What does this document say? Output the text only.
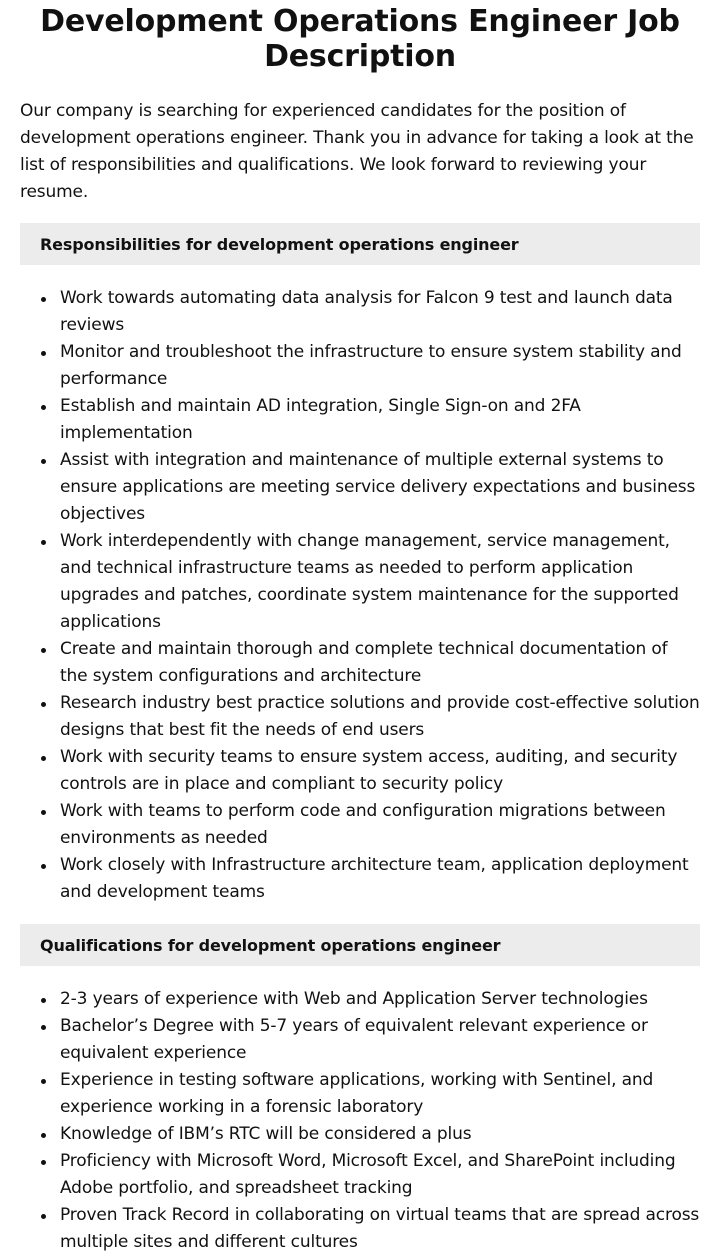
Development Operations Engineer Job Description

Our company is searching for experienced candidates for the position of development operations engineer. Thank you in advance for taking a look at the list of responsibilities and qualifications. We look forward to reviewing your resume.

Responsibilities for development operations engineer
Work towards automating data analysis for Falcon 9 test and launch data reviews
Monitor and troubleshoot the infrastructure to ensure system stability and performance
Establish and maintain AD integration, Single Sign-on and 2FA implementation
Assist with integration and maintenance of multiple external systems to ensure applications are meeting service delivery expectations and business objectives
Work interdependently with change management, service management, and technical infrastructure teams as needed to perform application upgrades and patches, coordinate system maintenance for the supported applications
Create and maintain thorough and complete technical documentation of the system configurations and architecture
Research industry best practice solutions and provide cost-effective solution designs that best fit the needs of end users
Work with security teams to ensure system access, auditing, and security controls are in place and compliant to security policy
Work with teams to perform code and configuration migrations between environments as needed
Work closely with Infrastructure architecture team, application deployment and development teams
Qualifications for development operations engineer
2-3 years of experience with Web and Application Server technologies
Bachelor’s Degree with 5-7 years of equivalent relevant experience or equivalent experience
Experience in testing software applications, working with Sentinel, and experience working in a forensic laboratory
Knowledge of IBM’s RTC will be considered a plus
Proficiency with Microsoft Word, Microsoft Excel, and SharePoint including Adobe portfolio, and spreadsheet tracking
Proven Track Record in collaborating on virtual teams that are spread across multiple sites and different cultures
